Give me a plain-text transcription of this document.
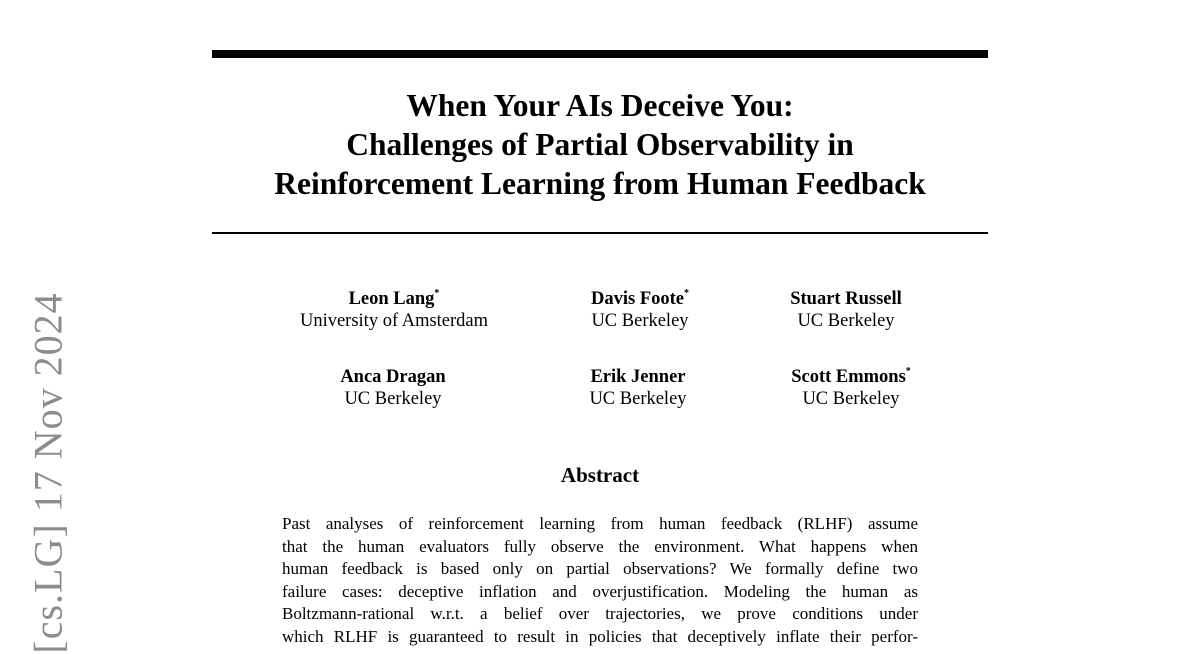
[cs.LG] 17 Nov 2024
When Your AIs Deceive You:
Challenges of Partial Observability in
Reinforcement Learning from Human Feedback
Leon Lang*
University of Amsterdam
Davis Foote*
UC Berkeley
Stuart Russell
UC Berkeley
Anca Dragan
UC Berkeley
Erik Jenner
UC Berkeley
Scott Emmons*
UC Berkeley
Abstract
Past analyses of reinforcement learning from human feedback (RLHF) assume
that the human evaluators fully observe the environment. What happens when
human feedback is based only on partial observations? We formally define two
failure cases: deceptive inflation and overjustification. Modeling the human as
Boltzmann-rational w.r.t. a belief over trajectories, we prove conditions under
which RLHF is guaranteed to result in policies that deceptively inflate their perfor-
